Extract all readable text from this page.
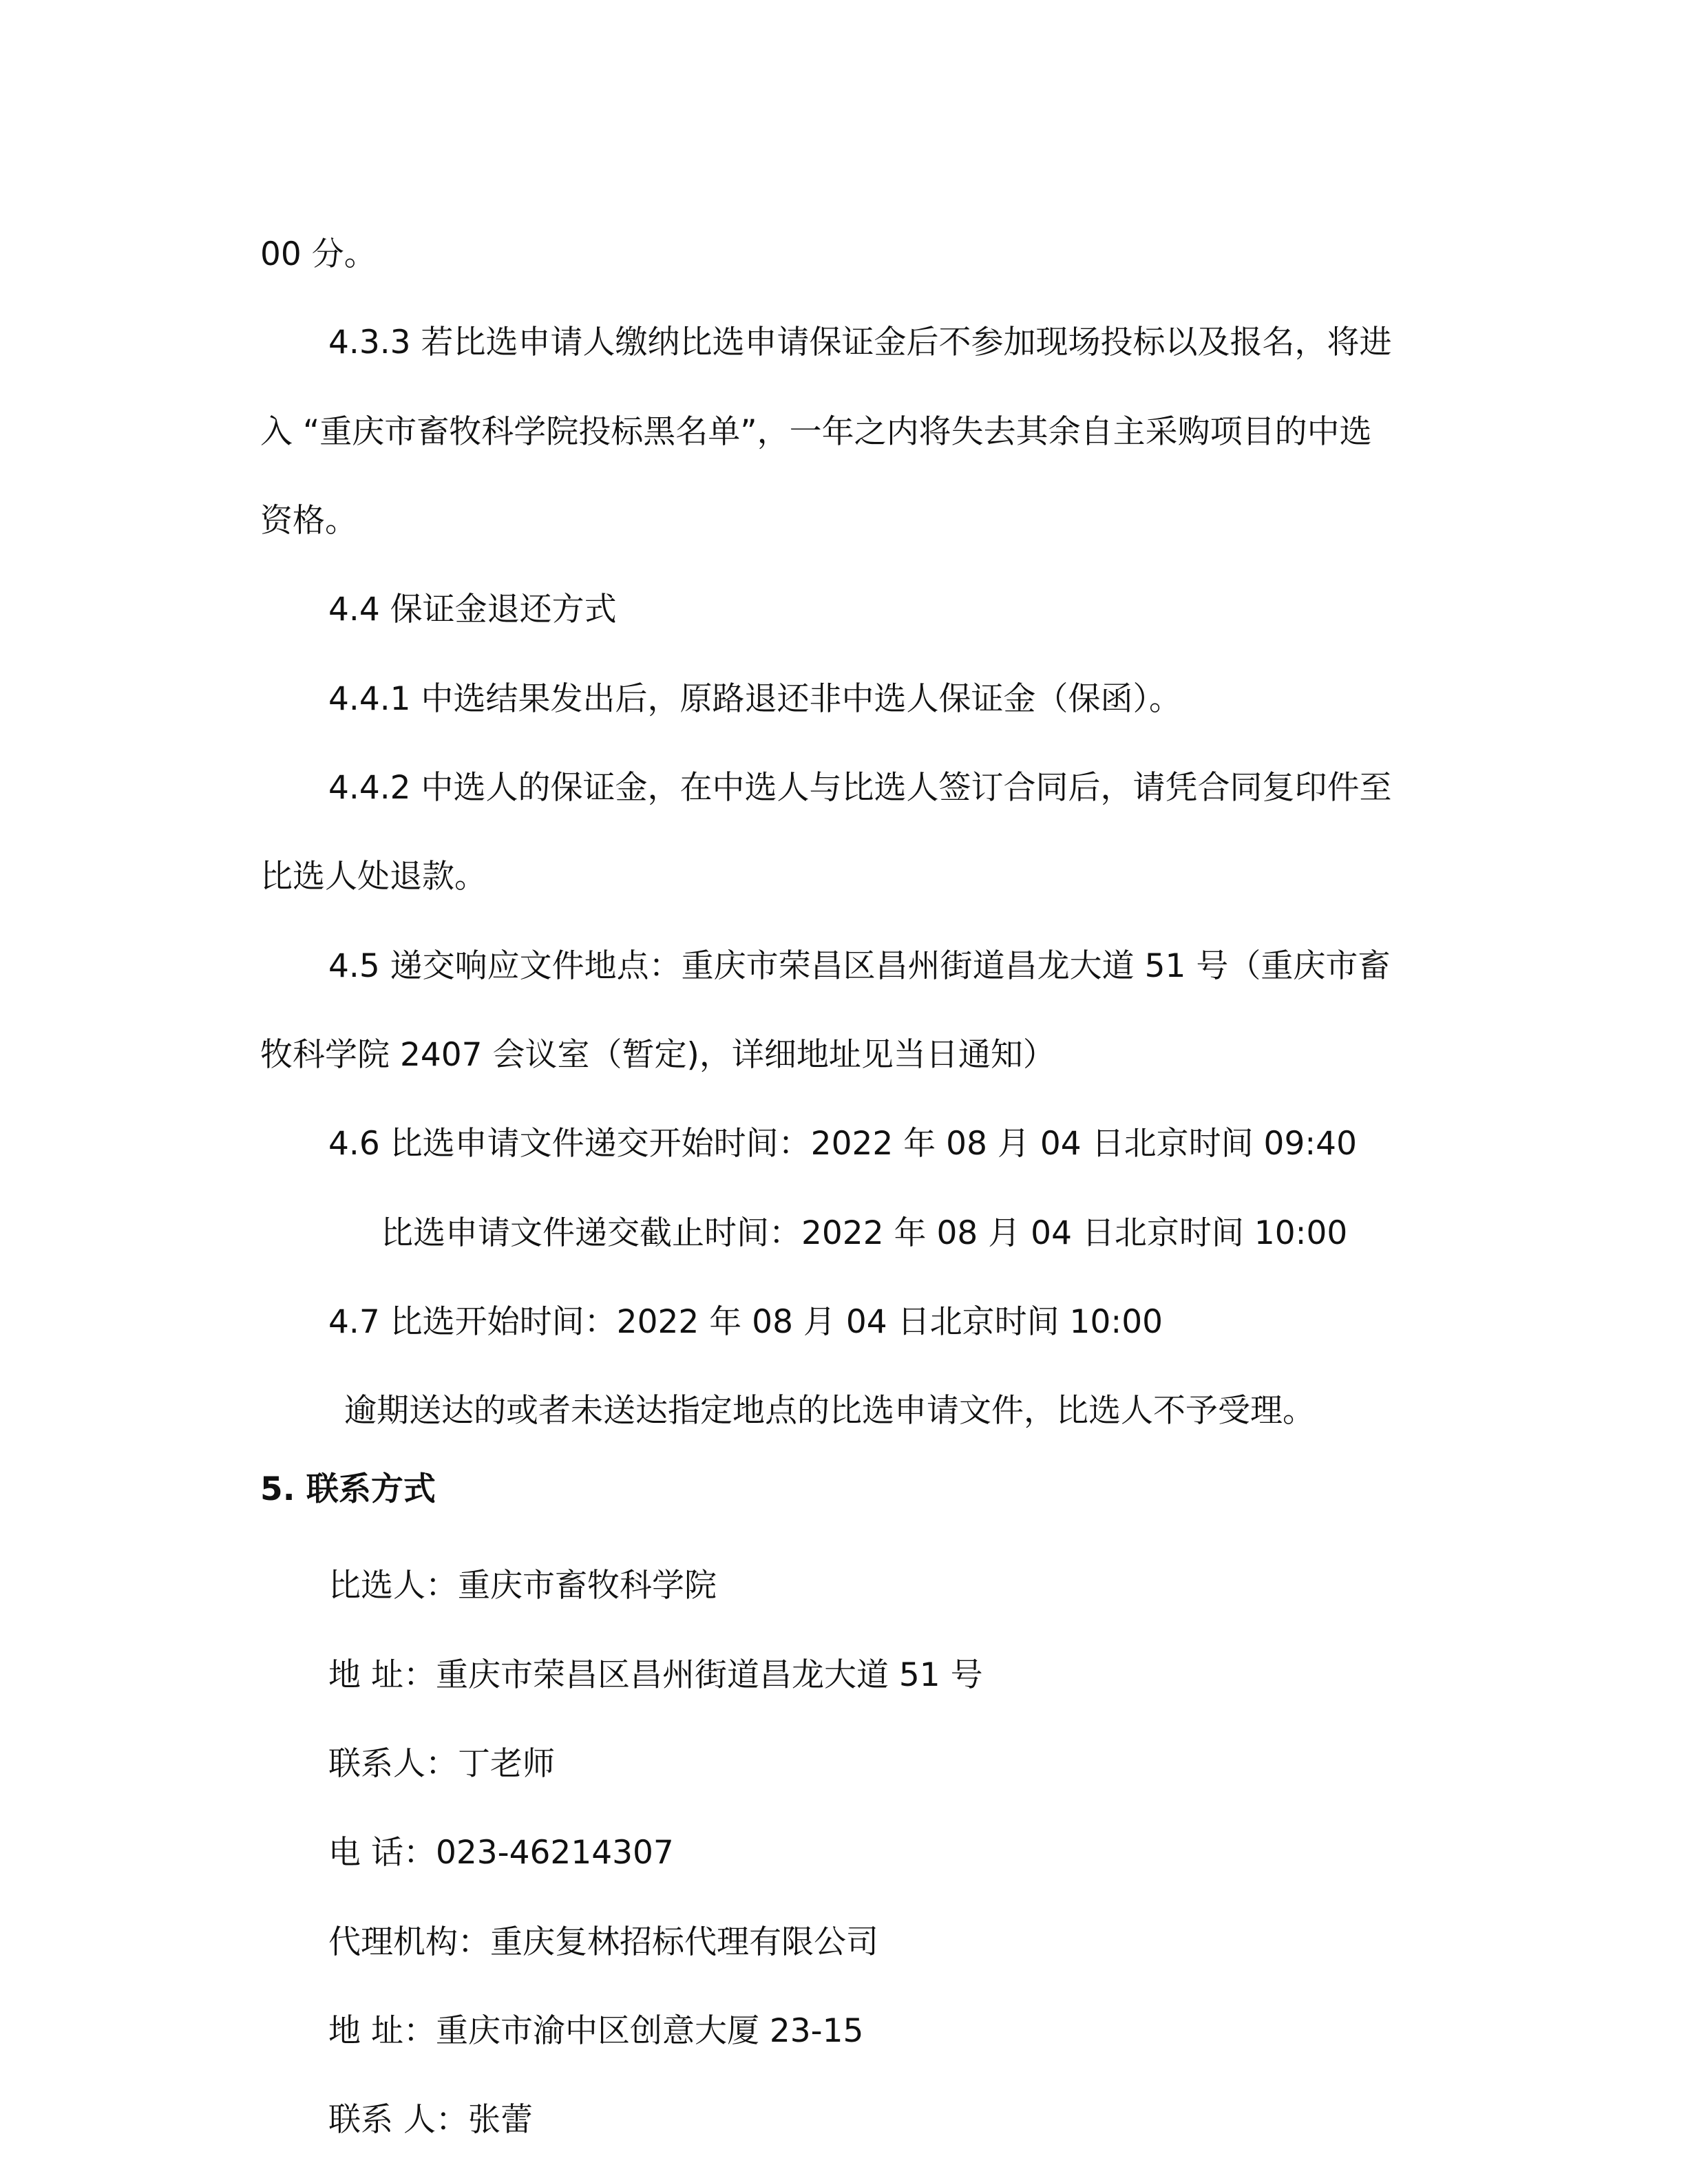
00 分。
4.3.3 若比选申请人缴纳比选申请保证金后不参加现场投标以及报名，将进
入 “重庆市畜牧科学院投标黑名单”，一年之内将失去其余自主采购项目的中选
资格。
4.4 保证金退还方式
4.4.1 中选结果发出后，原路退还非中选人保证金（保函）。
4.4.2 中选人的保证金，在中选人与比选人签订合同后，请凭合同复印件至
比选人处退款。
4.5 递交响应文件地点：重庆市荣昌区昌州街道昌龙大道 51 号（重庆市畜
牧科学院 2407 会议室（暂定)，详细地址见当日通知）
4.6 比选申请文件递交开始时间：2022 年 08 月 04 日北京时间 09:40
比选申请文件递交截止时间：2022 年 08 月 04 日北京时间 10:00
4.7 比选开始时间：2022 年 08 月 04 日北京时间 10:00
逾期送达的或者未送达指定地点的比选申请文件，比选人不予受理。
5. 联系方式
比选人：重庆市畜牧科学院
地 址：重庆市荣昌区昌州街道昌龙大道 51 号
联系人：丁老师
电 话：023-46214307
代理机构：重庆复林招标代理有限公司
地 址：重庆市渝中区创意大厦 23-15
联系 人：张蕾
